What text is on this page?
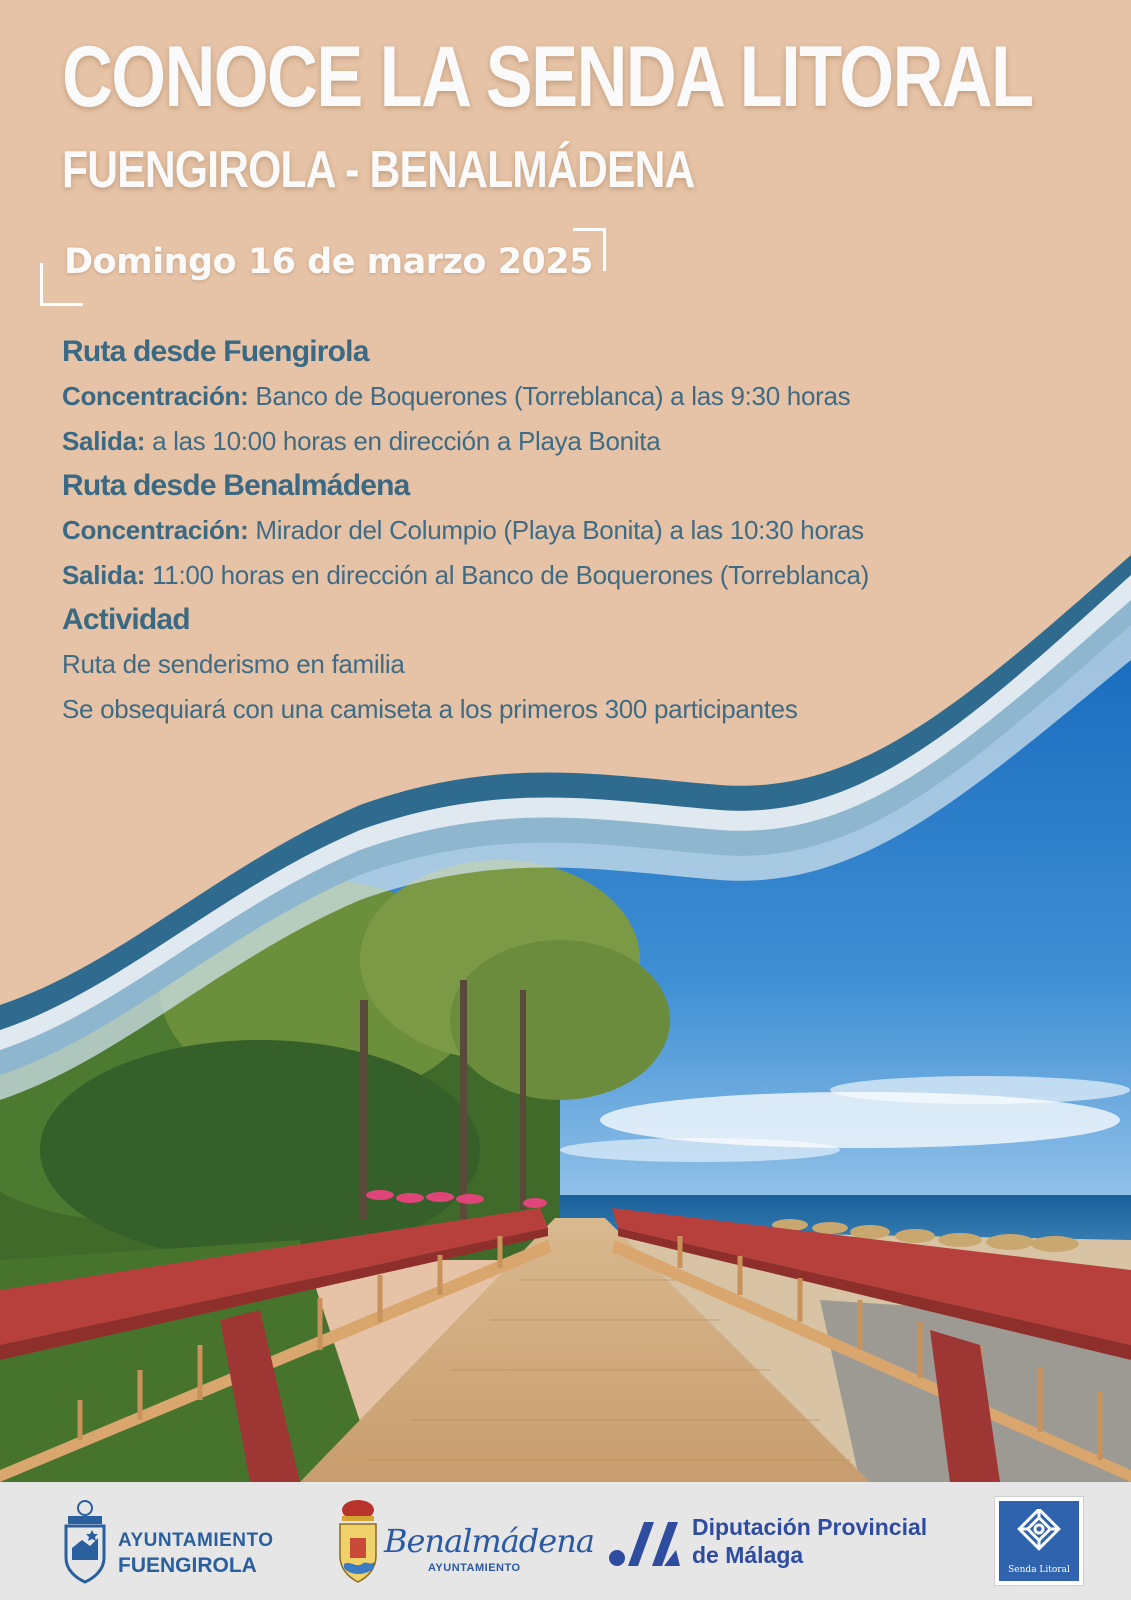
CONOCE LA SENDA LITORAL
FUENGIROLA - BENALMÁDENA
Domingo 16 de marzo 2025
Ruta desde Fuengirola

Concentración: Banco de Boquerones (Torreblanca) a las 9:30 horas

Salida: a las 10:00 horas en dirección a Playa Bonita

Ruta desde Benalmádena

Concentración: Mirador del Columpio (Playa Bonita) a las 10:30 horas

Salida: 11:00 horas en dirección al Banco de Boquerones (Torreblanca)

Actividad

Ruta de senderismo en familia

Se obsequiará con una camiseta a los primeros 300 participantes

AYUNTAMIENTO
FUENGIROLA
Benalmádena
AYUNTAMIENTO
Diputación Provincial
de Málaga
Senda Litoral
